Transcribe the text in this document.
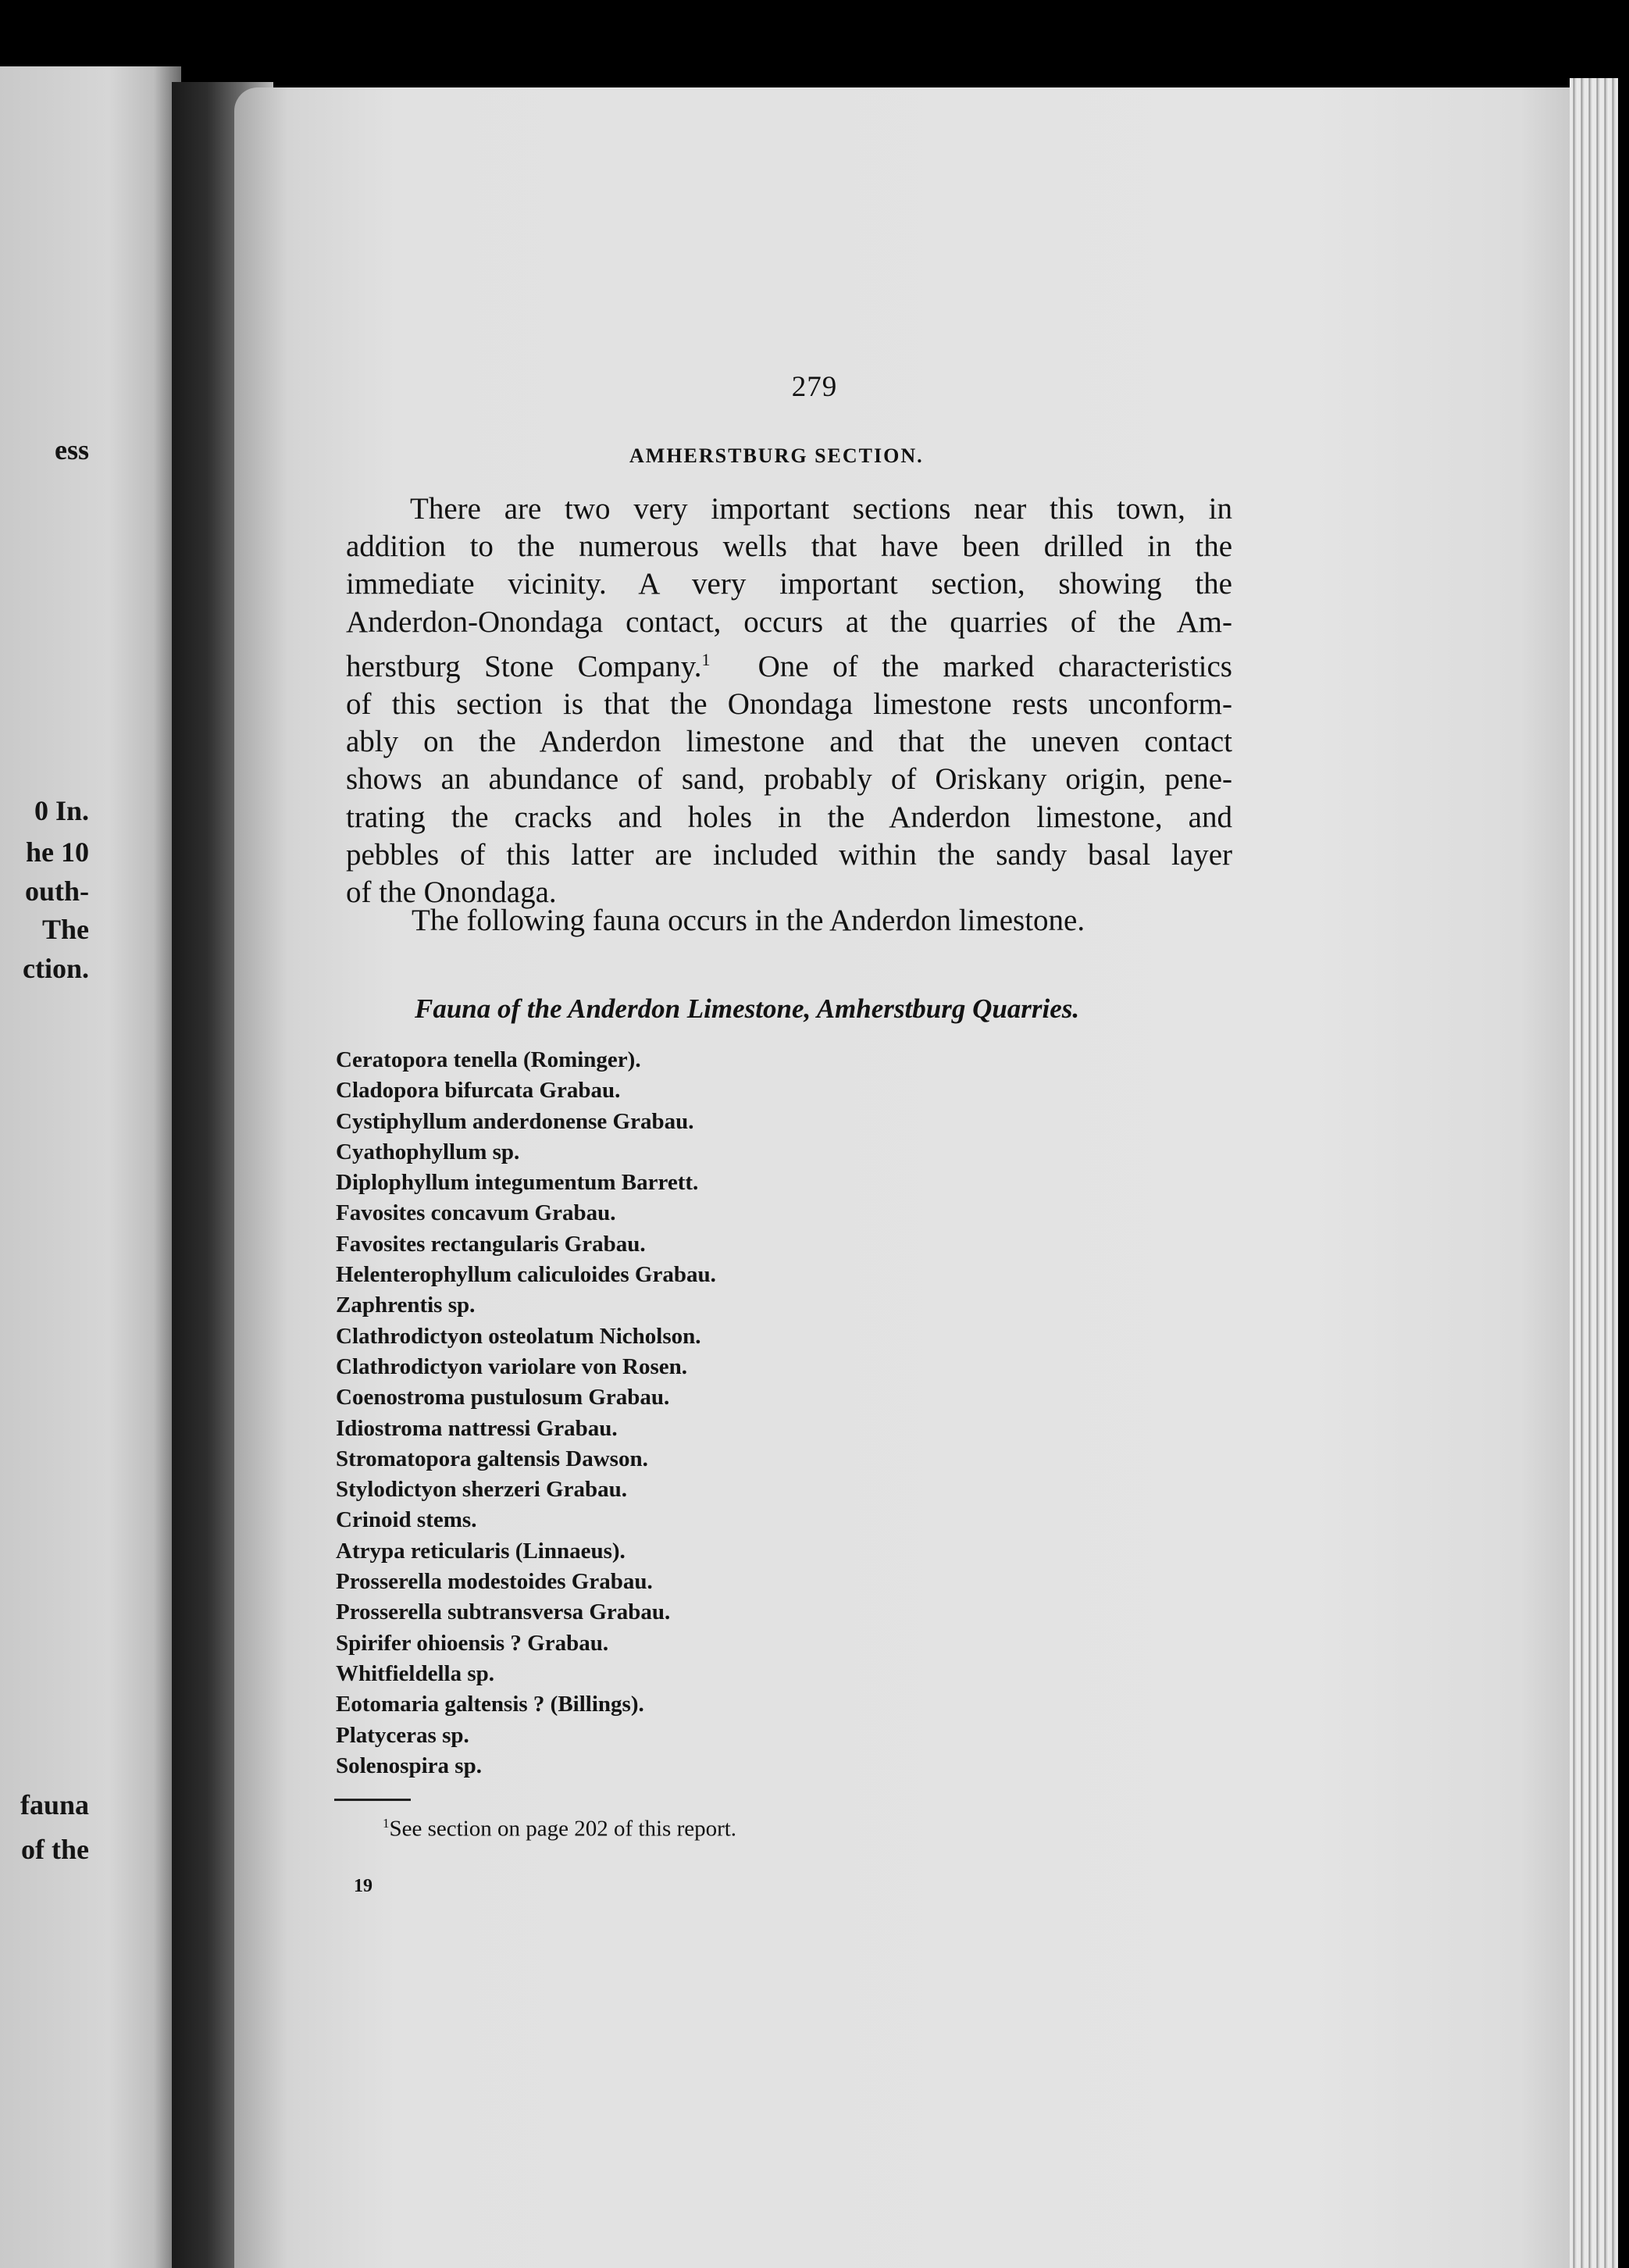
ess
0 In.
he 10
outh-
The
ction.
fauna
of the
279
AMHERSTBURG SECTION.
There are two very important sections near this town, in
addition to the numerous wells that have been drilled in the
immediate vicinity. A very important section, showing the
Anderdon-Onondaga contact, occurs at the quarries of the Am-
herstburg Stone Company.$^1$ One of the marked characteristics
of this section is that the Onondaga limestone rests unconform-
ably on the Anderdon limestone and that the uneven contact
shows an abundance of sand, probably of Oriskany origin, pene-
trating the cracks and holes in the Anderdon limestone, and
pebbles of this latter are included within the sandy basal layer
of the Onondaga.
The following fauna occurs in the Anderdon limestone.
Fauna of the Anderdon Limestone, Amherstburg Quarries.
Ceratopora tenella (Rominger).
Cladopora bifurcata Grabau.
Cystiphyllum anderdonense Grabau.
Cyathophyllum sp.
Diplophyllum integumentum Barrett.
Favosites concavum Grabau.
Favosites rectangularis Grabau.
Helenterophyllum caliculoides Grabau.
Zaphrentis sp.
Clathrodictyon osteolatum Nicholson.
Clathrodictyon variolare von Rosen.
Coenostroma pustulosum Grabau.
Idiostroma nattressi Grabau.
Stromatopora galtensis Dawson.
Stylodictyon sherzeri Grabau.
Crinoid stems.
Atrypa reticularis (Linnaeus).
Prosserella modestoides Grabau.
Prosserella subtransversa Grabau.
Spirifer ohioensis ? Grabau.
Whitfieldella sp.
Eotomaria galtensis ? (Billings).
Platyceras sp.
Solenospira sp.
$^1$See section on page 202 of this report.
19
